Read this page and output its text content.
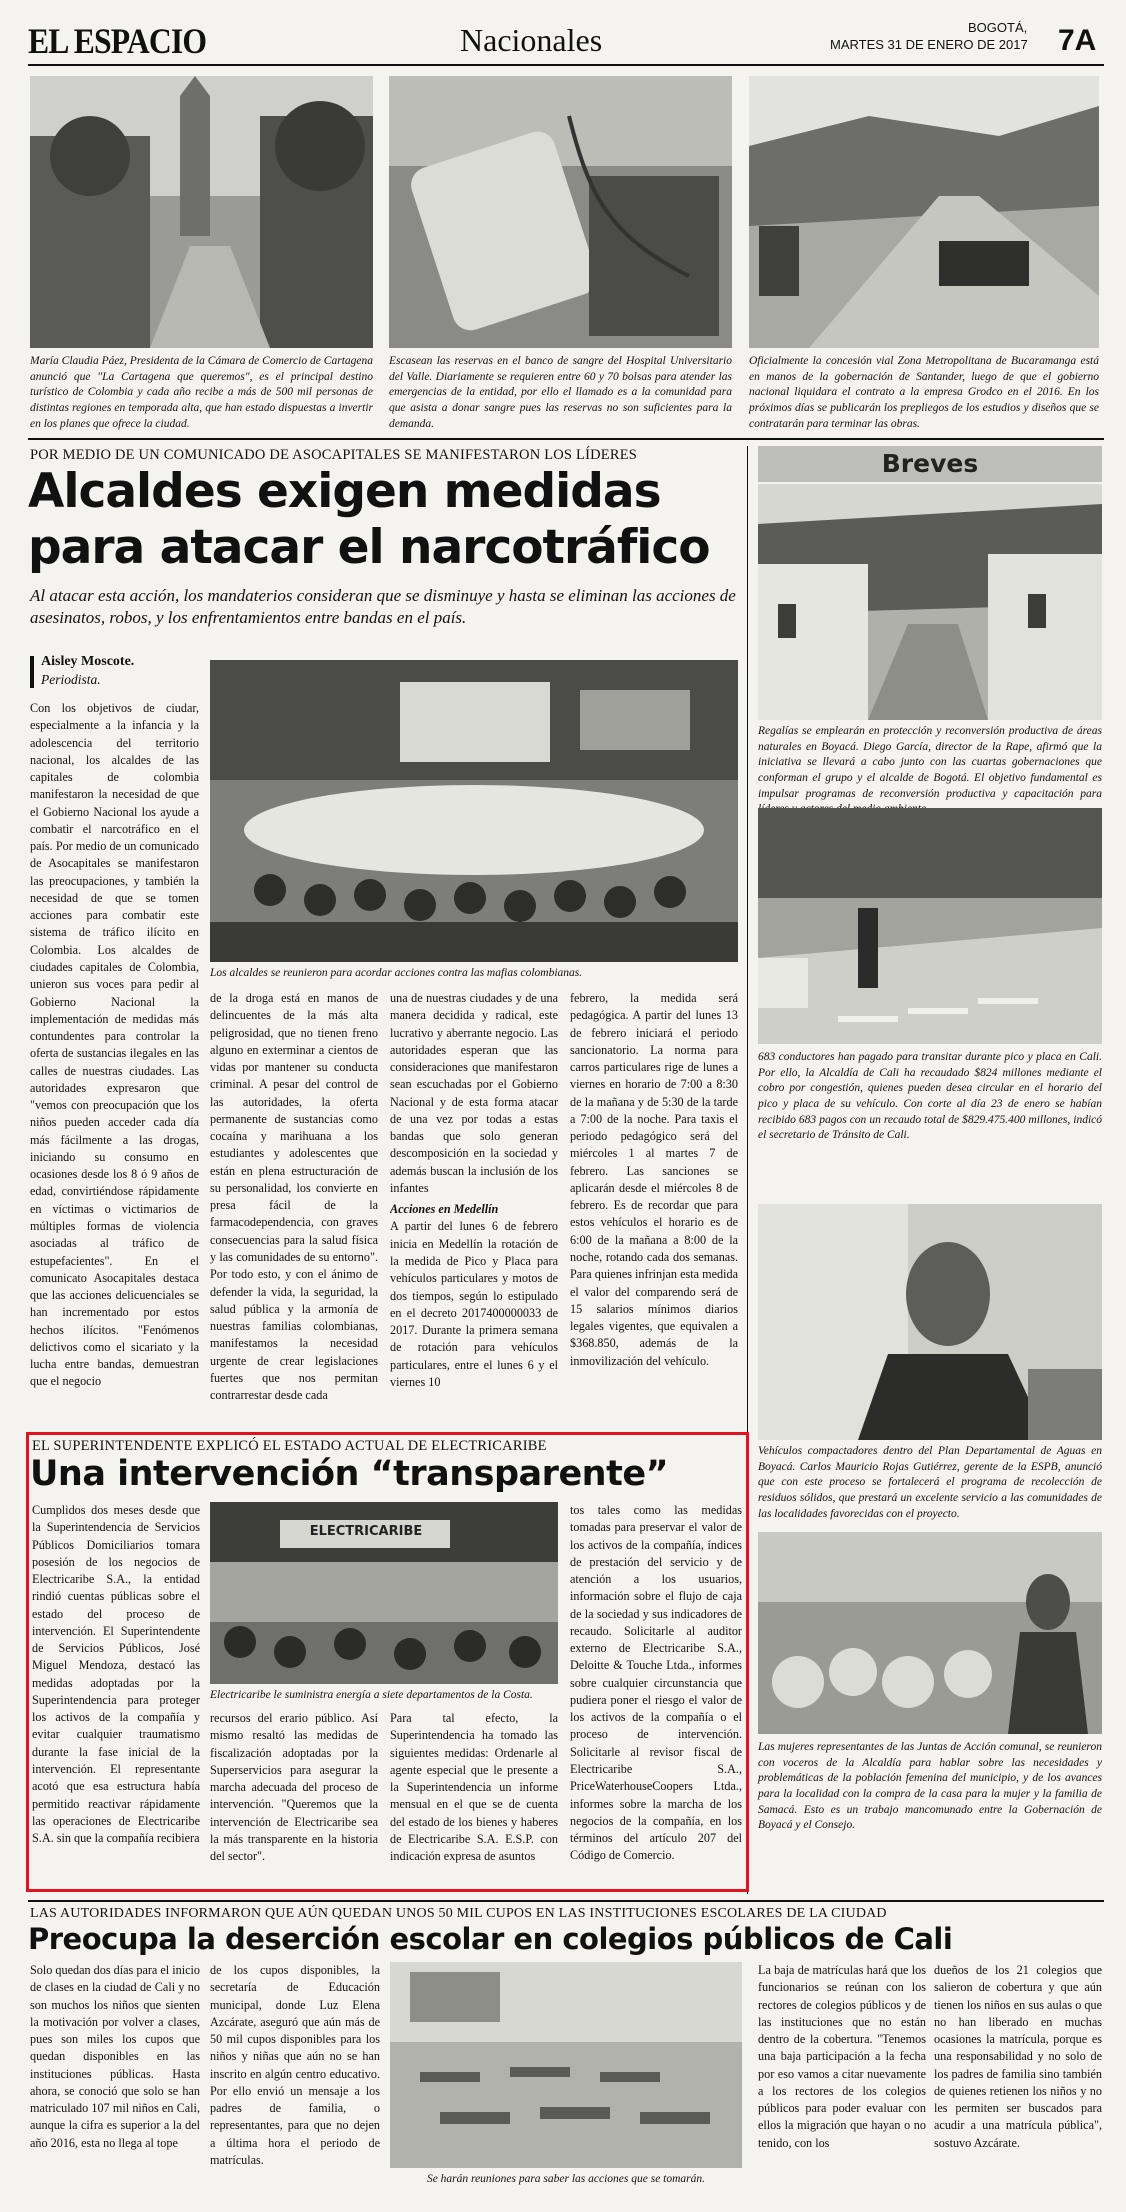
EL ESPACIO	Nacionales	BOGOTÁ,
MARTES 31 DE ENERO DE 2017 7A
María Claudia Páez, Presidenta de la Cámara de Comercio de Cartagena anunció que "La Cartagena que queremos", es el principal destino turístico de Colombia y cada año recibe a más de 500 mil personas de distintas regiones en temporada alta, que han estado dispuestas a invertir en los planes que ofrece la ciudad.
Escasean las reservas en el banco de sangre del Hospital Universitario del Valle. Diariamente se requieren entre 60 y 70 bolsas para atender las emergencias de la entidad, por ello el llamado es a la comunidad para que asista a donar sangre pues las reservas no son suficientes para la demanda.
Oficialmente la concesión vial Zona Metropolitana de Bucaramanga está en manos de la gobernación de Santander, luego de que el gobierno nacional liquidara el contrato a la empresa Grodco en el 2016. En los próximos días se publicarán los prepliegos de los estudios y diseños que se contratarán para terminar las obras.
POR MEDIO DE UN COMUNICADO DE ASOCAPITALES SE MANIFESTARON LOS LÍDERES
Alcaldes exigen medidas
para atacar el narcotráfico
Al atacar esta acción, los mandaterios consideran que se disminuye y hasta se eliminan las acciones de asesinatos, robos, y los enfrentamientos entre bandas en el país.
Aisley Moscote.
Periodista.
Los alcaldes se reunieron para acordar acciones contra las mafias colombianas.

Con los objetivos de ciudar, especialmente a la infancia y la adolescencia del territorio nacional, los alcaldes de las capitales de colombia manifestaron la necesidad de que el Gobierno Nacional los ayude a combatir el narcotráfico en el país. Por medio de un comunicado de Asocapitales se manifestaron las preocupaciones, y también la necesidad de que se tomen acciones para combatir este sistema de tráfico ilícito en Colombia. Los alcaldes de ciudades capitales de Colombia, unieron sus voces para pedir al Gobierno Nacional la implementación de medidas más contundentes para controlar la oferta de sustancias ilegales en las calles de nuestras ciudades. Las autoridades expresaron que "vemos con preocupación que los niños pueden acceder cada día más fácilmente a las drogas, iniciando su consumo en ocasiones desde los 8 ó 9 años de edad, convirtiéndose rápidamente en víctimas o victimarios de múltiples formas de violencia asociadas al tráfico de estupefacientes". En el comunicato Asocapitales destaca que las acciones delicuenciales se han incrementado por estos hechos ilícitos. "Fenómenos delictivos como el sicariato y la lucha entre bandas, demuestran que el negocio

de la droga está en manos de delincuentes de la más alta peligrosidad, que no tienen freno alguno en exterminar a cientos de vidas por mantener su conducta criminal. A pesar del control de las autoridades, la oferta permanente de sustancias como cocaína y marihuana a los estudiantes y adolescentes que están en plena estructuración de su personalidad, los convierte en presa fácil de la farmacodependencia, con graves consecuencias para la salud física y las comunidades de su entorno". Por todo esto, y con el ánimo de defender la vida, la seguridad, la salud pública y la armonía de nuestras familias colombianas, manifestamos la necesidad urgente de crear legislaciones fuertes que nos permitan contrarrestar desde cada

una de nuestras ciudades y de una manera decidida y radical, este lucrativo y aberrante negocio. Las autoridades esperan que las consideraciones que manifestaron sean escuchadas por el Gobierno Nacional y de esta forma atacar de una vez por todas a estas bandas que solo generan descomposición en la sociedad y además buscan la inclusión de los infantes

Acciones en Medellín

A partir del lunes 6 de febrero inicia en Medellín la rotación de la medida de Pico y Placa para vehículos particulares y motos de dos tiempos, según lo estipulado en el decreto 2017400000033 de 2017. Durante la primera semana de rotación para vehículos particulares, entre el lunes 6 y el viernes 10

febrero, la medida será pedagógica. A partir del lunes 13 de febrero iniciará el periodo sancionatorio. La norma para carros particulares rige de lunes a viernes en horario de 7:00 a 8:30 de la mañana y de 5:30 de la tarde a 7:00 de la noche. Para taxis el periodo pedagógico será del miércoles 1 al martes 7 de febrero. Las sanciones se aplicarán desde el miércoles 8 de febrero. Es de recordar que para estos vehículos el horario es de 6:00 de la mañana a 8:00 de la noche, rotando cada dos semanas. Para quienes infrinjan esta medida el valor del comparendo será de 15 salarios mínimos diarios legales vigentes, que equivalen a $368.850, además de la inmovilización del vehículo.

Breves
Regalías se emplearán en protección y reconversión productiva de áreas naturales en Boyacá. Diego García, director de la Rape, afirmó que la iniciativa se llevará a cabo junto con las cuartas gobernaciones que conforman el grupo y el alcalde de Bogotá. El objetivo fundamental es impulsar programas de reconversión productiva y capacitación para
683 conductores han pagado para transitar durante pico y placa en Cali. Por ello, la Alcaldía de Cali ha recaudado $824 millones mediante el cobro por congestión, quienes pueden desea circular en el horario del pico y placa de su vehículo. Con corte al día 23 de enero se habían recibido 683 pagos con un recaudo total de $829.475.400 millones, indicó el secretario de Tránsito de Cali.
Vehículos compactadores dentro del Plan Departamental de Aguas en Boyacá. Carlos Mauricio Rojas Gutiérrez, gerente de la ESPB, anunció que con este proceso se fortalecerá el programa de recolección de residuos sólidos, que prestará un excelente servicio a las comunidades de las localidades favorecidas con el proyecto.
Las mujeres representantes de las Juntas de Acción comunal, se reunieron con voceros de la Alcaldía para hablar sobre las necesidades y problemáticas de la población femenina del municipio, y de los avances para la localidad con la compra de la casa para la mujer y la familia de Samacá. Esto es un trabajo mancomunado entre la Gobernación de Boyacá y el Consejo.
EL SUPERINTENDENTE EXPLICÓ EL ESTADO ACTUAL DE ELECTRICARIBE
Una intervención “transparente”
ELECTRICARIBE
Electricaribe le suministra energía a siete departamentos de la Costa.

Cumplidos dos meses desde que la Superintendencia de Servicios Públicos Domiciliarios tomara posesión de los negocios de Electricaribe S.A., la entidad rindió cuentas públicas sobre el estado del proceso de intervención. El Superintendente de Servicios Públicos, José Miguel Mendoza, destacó las medidas adoptadas por la Superintendencia para proteger los activos de la compañía y evitar cualquier traumatismo durante la fase inicial de la intervención. El representante acotó que esa estructura había permitido reactivar rápidamente las operaciones de Electricaribe S.A. sin que la compañía recibiera

recursos del erario público. Así mismo resaltó las medidas de fiscalización adoptadas por la Superservicios para asegurar la marcha adecuada del proceso de intervención. "Queremos que la intervención de Electricaribe sea la más transparente en la historia del sector".

Para tal efecto, la Superintendencia ha tomado las siguientes medidas: Ordenarle al agente especial que le presente a la Superintendencia un informe mensual en el que se de cuenta del estado de los bienes y haberes de Electricaribe S.A. E.S.P. con indicación expresa de asuntos

tos tales como las medidas tomadas para preservar el valor de los activos de la compañía, índices de prestación del servicio y de atención a los usuarios, información sobre el flujo de caja de la sociedad y sus indicadores de recaudo. Solicitarle al auditor externo de Electricaribe S.A., Deloitte & Touche Ltda., informes sobre cualquier circunstancia que pudiera poner el riesgo el valor de los activos de la compañía o el proceso de intervención. Solicitarle al revisor fiscal de Electricaribe S.A., PriceWaterhouseCoopers Ltda., informes sobre la marcha de los negocios de la compañía, en los términos del artículo 207 del Código de Comercio.

LAS AUTORIDADES INFORMARON QUE AÚN QUEDAN UNOS 50 MIL CUPOS EN LAS INSTITUCIONES ESCOLARES DE LA CIUDAD
Preocupa la deserción escolar en colegios públicos de Cali
Se harán reuniones para saber las acciones que se tomarán.

Solo quedan dos días para el inicio de clases en la ciudad de Cali y no son muchos los niños que sienten la motivación por volver a clases, pues son miles los cupos que quedan disponibles en las instituciones públicas. Hasta ahora, se conoció que solo se han matriculado 107 mil niños en Cali, aunque la cifra es superior a la del año 2016, esta no llega al tope

de los cupos disponibles, la secretaría de Educación municipal, donde Luz Elena Azcárate, aseguró que aún más de 50 mil cupos disponibles para los niños y niñas que aún no se han inscrito en algún centro educativo. Por ello envió un mensaje a los padres de familia, o representantes, para que no dejen a última hora el periodo de matrículas.

La baja de matrículas hará que los funcionarios se reúnan con los rectores de colegios públicos y de las instituciones que no están dentro de la cobertura. "Tenemos una baja participación a la fecha por eso vamos a citar nuevamente a los rectores de los colegios públicos para poder evaluar con ellos la migración que hayan o no tenido, con los

dueños de los 21 colegios que salieron de cobertura y que aún tienen los niños en sus aulas o que no han liberado en muchas ocasiones la matrícula, porque es una responsabilidad y no solo de los padres de familia sino también de quienes retienen los niños y no les permiten ser buscados para acudir a una matrícula pública", sostuvo Azcárate.
